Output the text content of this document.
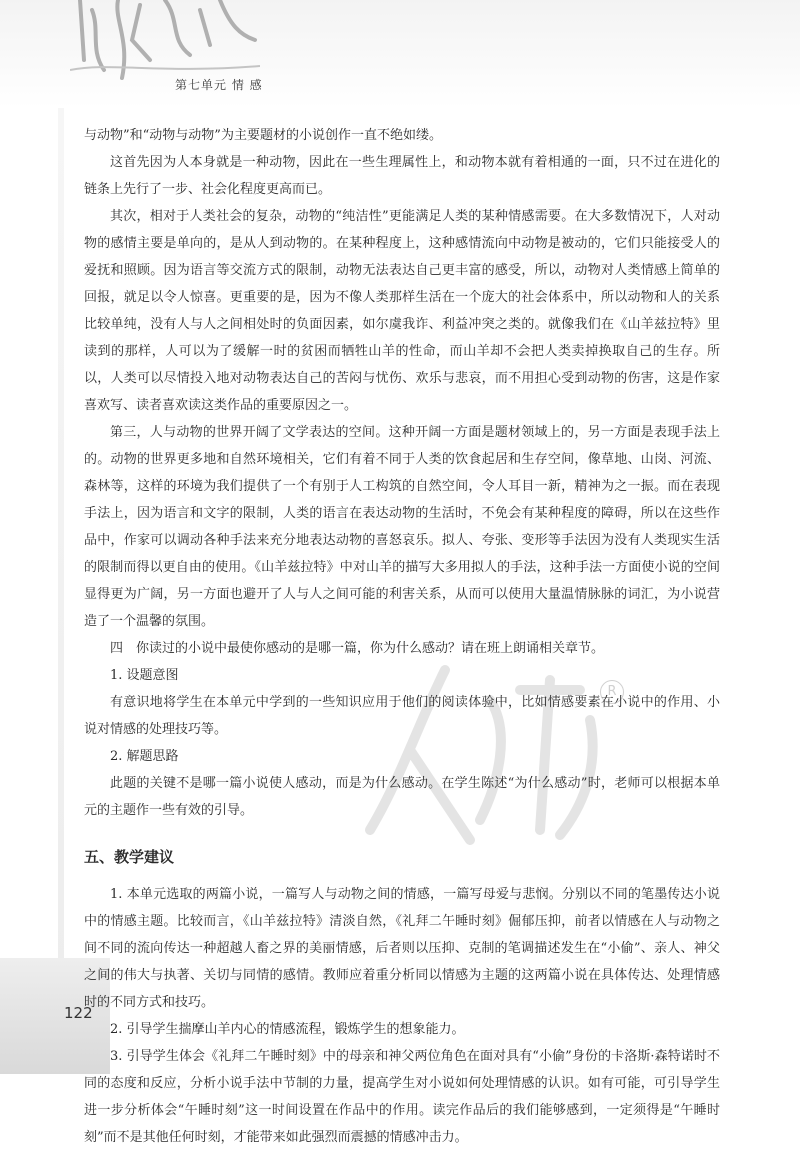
第七单元 情 感
122
R

与动物”和“动物与动物”为主要题材的小说创作一直不绝如缕。

这首先因为人本身就是一种动物，因此在一些生理属性上，和动物本就有着相通的一面，只不过在进化的链条上先行了一步、社会化程度更高而已。

其次，相对于人类社会的复杂，动物的“纯洁性”更能满足人类的某种情感需要。在大多数情况下，人对动物的感情主要是单向的，是从人到动物的。在某种程度上，这种感情流向中动物是被动的，它们只能接受人的爱抚和照顾。因为语言等交流方式的限制，动物无法表达自己更丰富的感受，所以，动物对人类情感上简单的回报，就足以令人惊喜。更重要的是，因为不像人类那样生活在一个庞大的社会体系中，所以动物和人的关系比较单纯，没有人与人之间相处时的负面因素，如尔虞我诈、利益冲突之类的。就像我们在《山羊兹拉特》里读到的那样，人可以为了缓解一时的贫困而牺牲山羊的性命，而山羊却不会把人类卖掉换取自己的生存。所以，人类可以尽情投入地对动物表达自己的苦闷与忧伤、欢乐与悲哀，而不用担心受到动物的伤害，这是作家喜欢写、读者喜欢读这类作品的重要原因之一。

第三，人与动物的世界开阔了文学表达的空间。这种开阔一方面是题材领域上的，另一方面是表现手法上的。动物的世界更多地和自然环境相关，它们有着不同于人类的饮食起居和生存空间，像草地、山岗、河流、森林等，这样的环境为我们提供了一个有别于人工构筑的自然空间，令人耳目一新，精神为之一振。而在表现手法上，因为语言和文字的限制，人类的语言在表达动物的生活时，不免会有某种程度的障碍，所以在这些作品中，作家可以调动各种手法来充分地表达动物的喜怒哀乐。拟人、夸张、变形等手法因为没有人类现实生活的限制而得以更自由的使用。《山羊兹拉特》中对山羊的描写大多用拟人的手法，这种手法一方面使小说的空间显得更为广阔，另一方面也避开了人与人之间可能的利害关系，从而可以使用大量温情脉脉的词汇，为小说营造了一个温馨的氛围。

四　你读过的小说中最使你感动的是哪一篇，你为什么感动？请在班上朗诵相关章节。

1. 设题意图

有意识地将学生在本单元中学到的一些知识应用于他们的阅读体验中，比如情感要素在小说中的作用、小说对情感的处理技巧等。

2. 解题思路

此题的关键不是哪一篇小说使人感动，而是为什么感动。在学生陈述“为什么感动”时，老师可以根据本单元的主题作一些有效的引导。

五、教学建议

1. 本单元选取的两篇小说，一篇写人与动物之间的情感，一篇写母爱与悲悯。分别以不同的笔墨传达小说中的情感主题。比较而言，《山羊兹拉特》清淡自然，《礼拜二午睡时刻》倔郁压抑，前者以情感在人与动物之间不同的流向传达一种超越人畜之界的美丽情感，后者则以压抑、克制的笔调描述发生在“小偷”、亲人、神父之间的伟大与执著、关切与同情的感情。教师应着重分析同以情感为主题的这两篇小说在具体传达、处理情感时的不同方式和技巧。

2. 引导学生揣摩山羊内心的情感流程，锻炼学生的想象能力。

3. 引导学生体会《礼拜二午睡时刻》中的母亲和神父两位角色在面对具有“小偷”身份的卡洛斯·森特诺时不同的态度和反应，分析小说手法中节制的力量，提高学生对小说如何处理情感的认识。如有可能，可引导学生进一步分析体会“午睡时刻”这一时间设置在作品中的作用。读完作品后的我们能够感到，一定须得是“午睡时刻”而不是其他任何时刻，才能带来如此强烈而震撼的情感冲击力。
